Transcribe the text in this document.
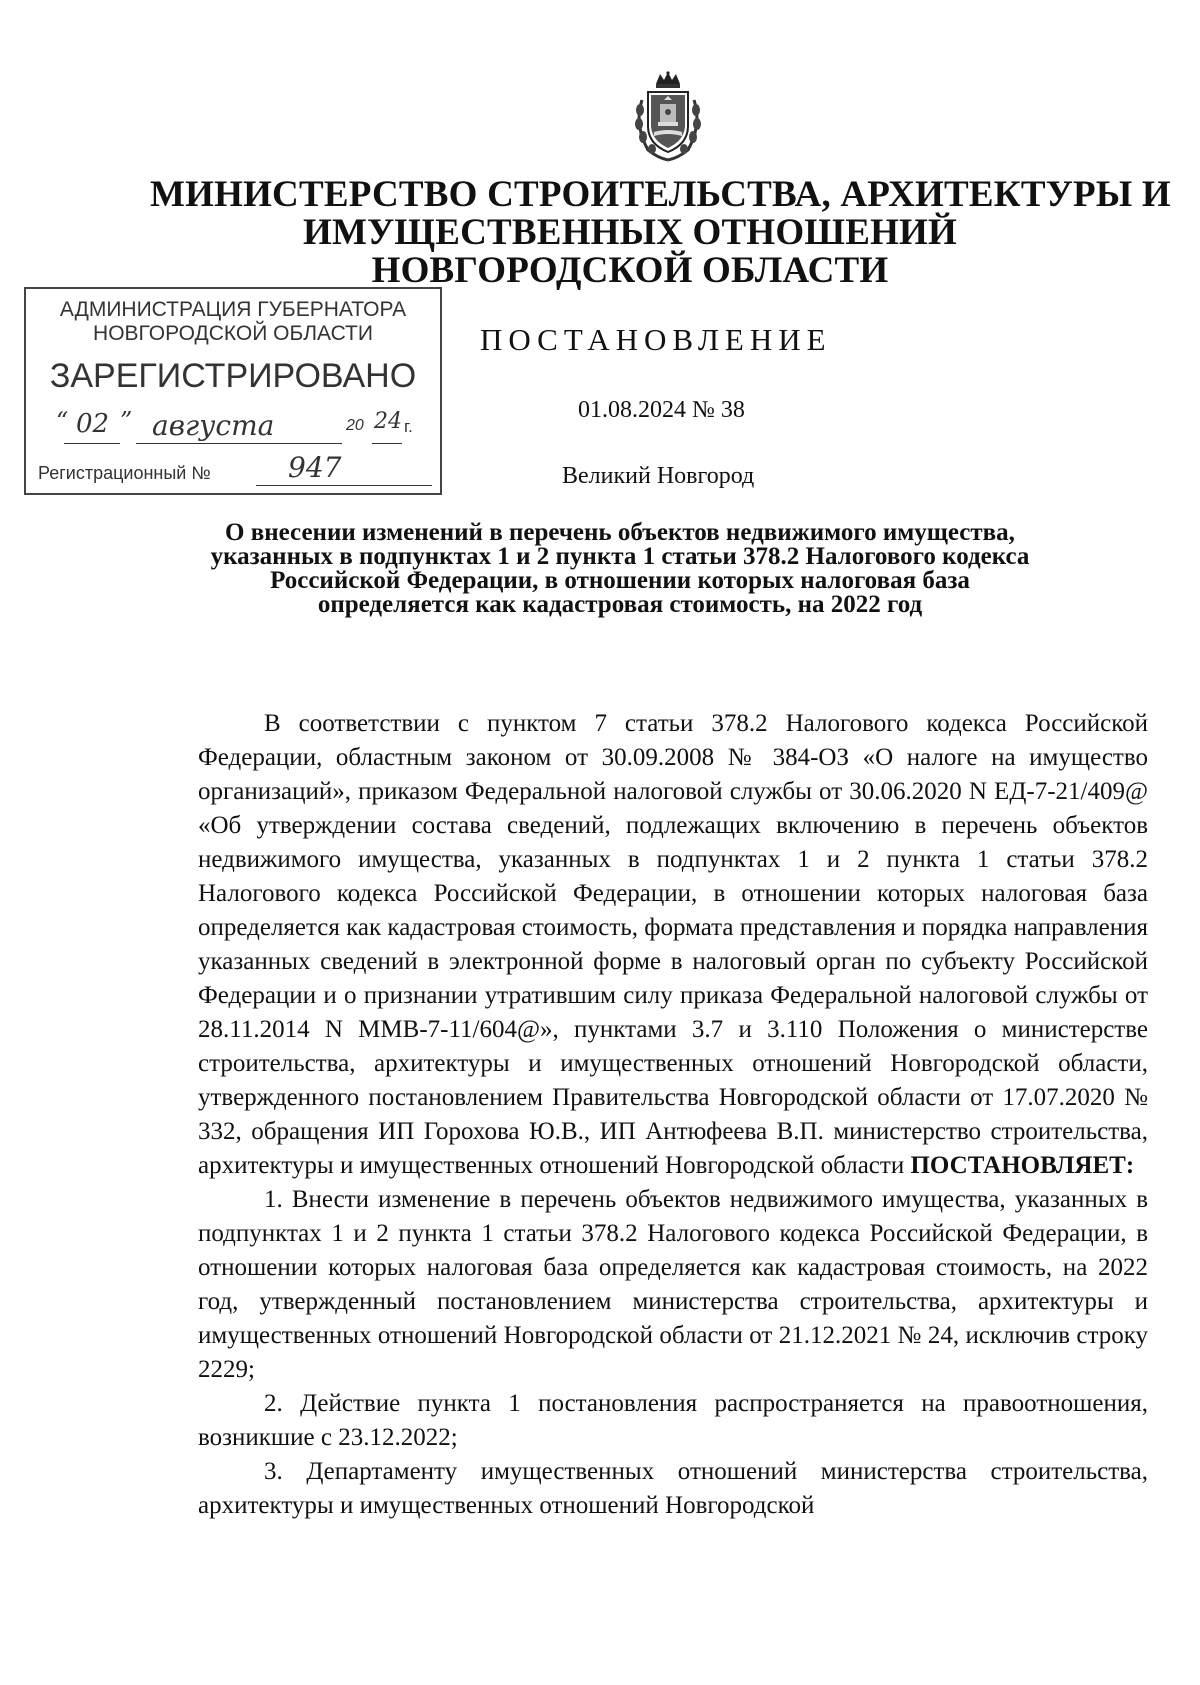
МИНИСТЕРСТВО СТРОИТЕЛЬСТВА, АРХИТЕКТУРЫ И
ИМУЩЕСТВЕННЫХ ОТНОШЕНИЙ
НОВГОРОДСКОЙ ОБЛАСТИ
АДМИНИСТРАЦИЯ ГУБЕРНАТОРА
НОВГОРОДСКОЙ ОБЛАСТИ
ЗАРЕГИСТРИРОВАНО
“ 02 ” августа	20 24 г.
Регистрационный №	947
ПОСТАНОВЛЕНИЕ
01.08.2024 № 38
Великий Новгород
О внесении изменений в перечень объектов недвижимого имущества,
указанных в подпунктах 1 и 2 пункта 1 статьи 378.2 Налогового кодекса
Российской Федерации, в отношении которых налоговая база
определяется как кадастровая стоимость, на 2022 год

В соответствии с пунктом 7 статьи 378.2 Налогового кодекса Российской Федерации, областным законом от 30.09.2008 № 384-ОЗ «О налоге на имущество организаций», приказом Федеральной налоговой службы от 30.06.2020 N ЕД-7-21/409@ «Об утверждении состава сведений, подлежащих включению в перечень объектов недвижимого имущества, указанных в подпунктах 1 и 2 пункта 1 статьи 378.2 Налогового кодекса Российской Федерации, в отношении которых налоговая база определяется как кадастровая стоимость, формата представления и порядка направления указанных сведений в электронной форме в налоговый орган по субъекту Российской Федерации и о признании утратившим силу приказа Федеральной налоговой службы от 28.11.2014 N ММВ-7-11/604@», пунктами 3.7 и 3.110 Положения о министерстве строительства, архитектуры и имущественных отношений Новгородской области, утвержденного постановлением Правительства Новгородской области от 17.07.2020 № 332, обращения ИП Горохова Ю.В., ИП Антюфеева В.П. министерство строительства, архитектуры и имущественных отношений Новгородской области ПОСТАНОВЛЯЕТ:

1. Внести изменение в перечень объектов недвижимого имущества, указанных в подпунктах 1 и 2 пункта 1 статьи 378.2 Налогового кодекса Российской Федерации, в отношении которых налоговая база определяется как кадастровая стоимость, на 2022 год, утвержденный постановлением министерства строительства, архитектуры и имущественных отношений Новгородской области от 21.12.2021 № 24, исключив строку 2229;

2. Действие пункта 1 постановления распространяется на правоотношения, возникшие с 23.12.2022;

3. Департаменту имущественных отношений министерства строительства, архитектуры и имущественных отношений Новгородской
